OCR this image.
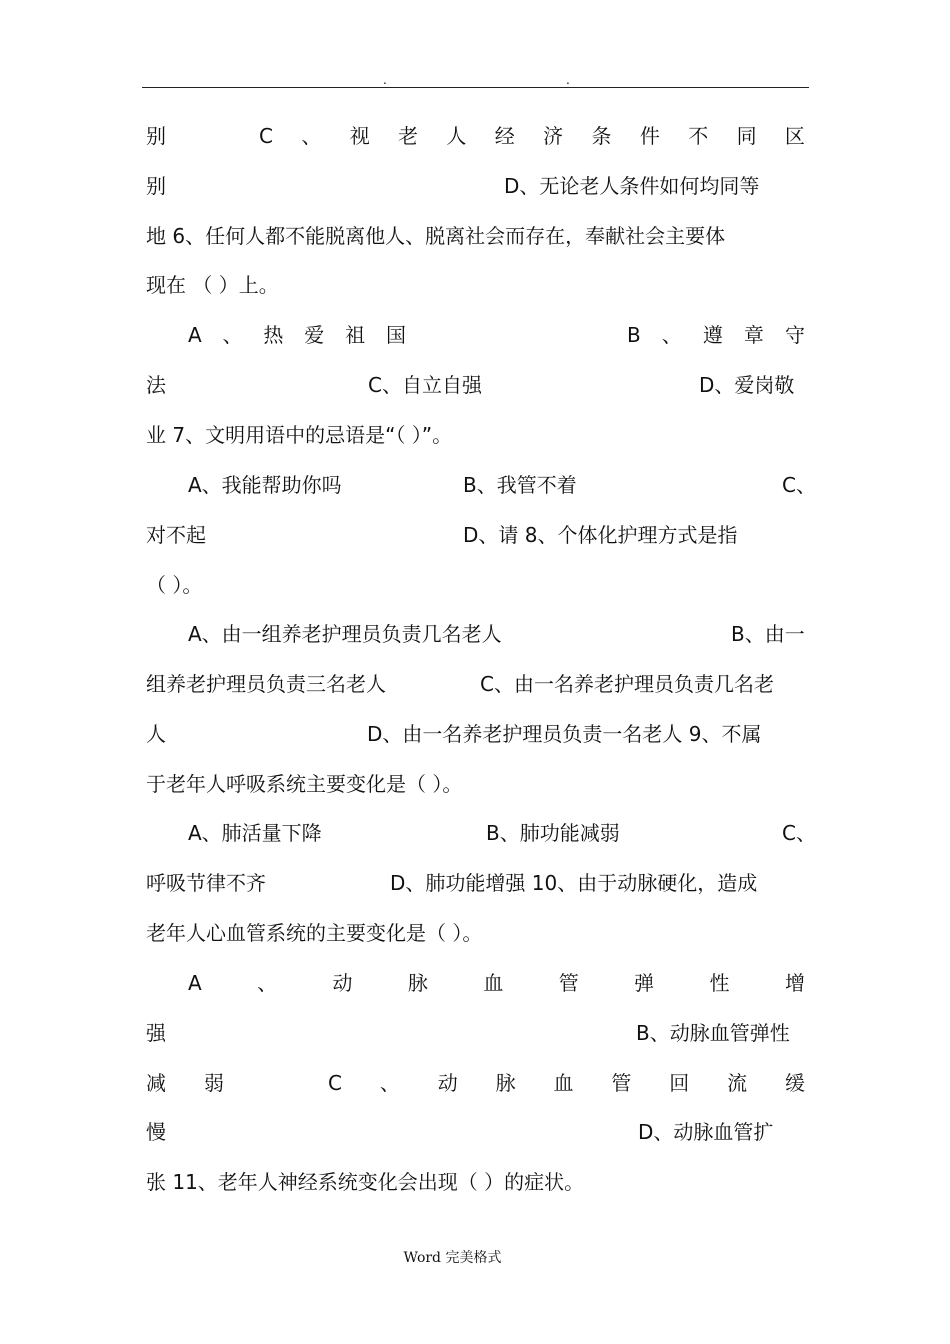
.	.
别	C 、 视 老 人 经 济 条 件 不 同 区
别	D、无论老人条件如何均同等
地 6、任何人都不能脱离他人、脱离社会而存在，奉献社会主要体
现在 （ ）上。
A 、 热 爱 祖 国	B 、 遵 章 守
法	C、自立自强	D、爱岗敬
业 7、文明用语中的忌语是“（ ）”。
A、我能帮助你吗	B、我管不着	C、
对不起	D、请 8、个体化护理方式是指
（ ）。
A、由一组养老护理员负责几名老人	B、由一
组养老护理员负责三名老人	C、由一名养老护理员负责几名老
人	D、由一名养老护理员负责一名老人 9、不属
于老年人呼吸系统主要变化是（ ）。
A、肺活量下降	B、肺功能减弱	C、
呼吸节律不齐	D、肺功能增强 10、由于动脉硬化，造成
老年人心血管系统的主要变化是（ ）。
A	、	动	脉	血	管	弹	性	增
强	B、动脉血管弹性
减 弱	C 、 动 脉 血 管 回 流 缓
慢	D、动脉血管扩
张 11、老年人神经系统变化会出现（ ）的症状。
Word 完美格式
